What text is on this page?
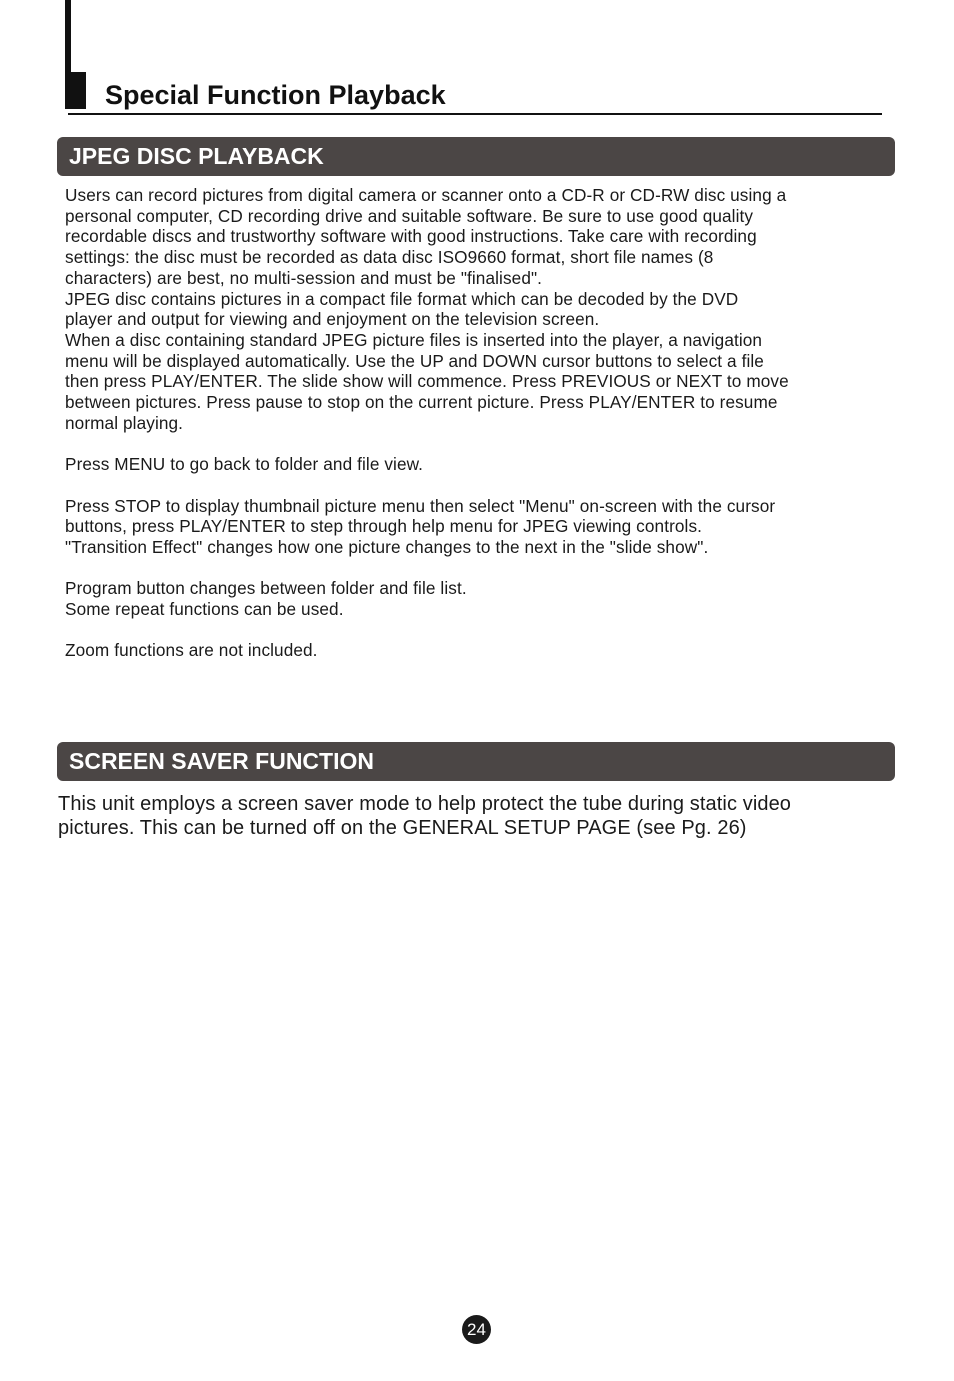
Special Function Playback
JPEG DISC PLAYBACK

Users can record pictures from digital camera or scanner onto a CD-R or CD-RW disc using a
personal computer, CD recording drive and suitable software. Be sure to use good quality
recordable discs and trustworthy software with good instructions. Take care with recording
settings: the disc must be recorded as data disc ISO9660 format, short file names (8
characters) are best, no multi-session and must be "finalised".

JPEG disc contains pictures in a compact file format which can be decoded by the DVD
player and output for viewing and enjoyment on the television screen.

When a disc containing standard JPEG picture files is inserted into the player, a navigation
menu will be displayed automatically. Use the UP and DOWN cursor buttons to select a file
then press PLAY/ENTER. The slide show will commence. Press PREVIOUS or NEXT to move
between pictures. Press pause to stop on the current picture. Press PLAY/ENTER to resume
normal playing.

Press MENU to go back to folder and file view.

Press STOP to display thumbnail picture menu then select "Menu" on-screen with the cursor
buttons, press PLAY/ENTER to step through help menu for JPEG viewing controls.
"Transition Effect" changes how one picture changes to the next in the "slide show".

Program button changes between folder and file list.
Some repeat functions can be used.

Zoom functions are not included.

SCREEN SAVER FUNCTION

This unit employs a screen saver mode to help protect the tube during static video
pictures. This can be turned off on the GENERAL SETUP PAGE (see Pg. 26)

24
